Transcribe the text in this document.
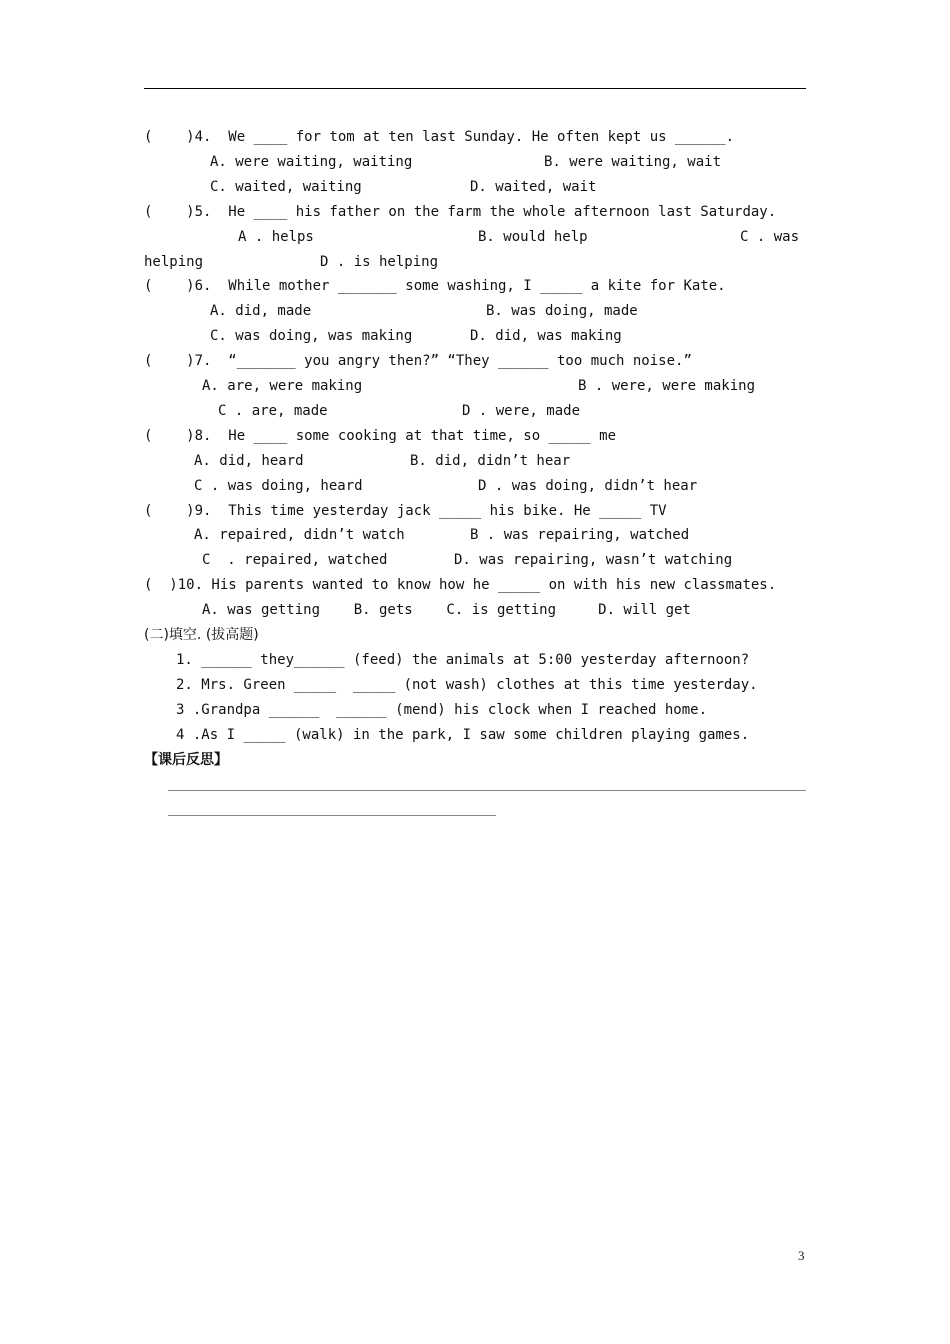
(    )4.  We ____ for tom at ten last Sunday. He often kept us ______.
A. were waiting, waiting	B. were waiting, wait
C. waited, waiting	D. waited, wait
(    )5.  He ____ his father on the farm the whole afternoon last Saturday.
A . helps	B. would help	C . was
helping	D . is helping
(    )6.  While mother _______ some washing, I _____ a kite for Kate.
A. did, made	B. was doing, made
C. was doing, was making	D. did, was making
(    )7.  “_______ you angry then?” “They ______ too much noise.”
A. are, were making	B . were, were making
C . are, made	D . were, made
(    )8.  He ____ some cooking at that time, so _____ me
A. did, heard	B. did, didn’t hear
C . was doing, heard	D . was doing, didn’t hear
(    )9.  This time yesterday jack _____ his bike. He _____ TV
A. repaired, didn’t watch	B . was repairing, watched
C  . repaired, watched	D. was repairing, wasn’t watching
(  )10. His parents wanted to know how he _____ on with his new classmates.
A. was getting    B. gets    C. is getting     D. will get
(二)填空. (拔高题)
1. ______ they______ (feed) the animals at 5:00 yesterday afternoon?
2. Mrs. Green _____  _____ (not wash) clothes at this time yesterday.
3 .Grandpa ______  ______ (mend) his clock when I reached home.
4 .As I _____ (walk) in the park, I saw some children playing games.
【课后反思】
3
